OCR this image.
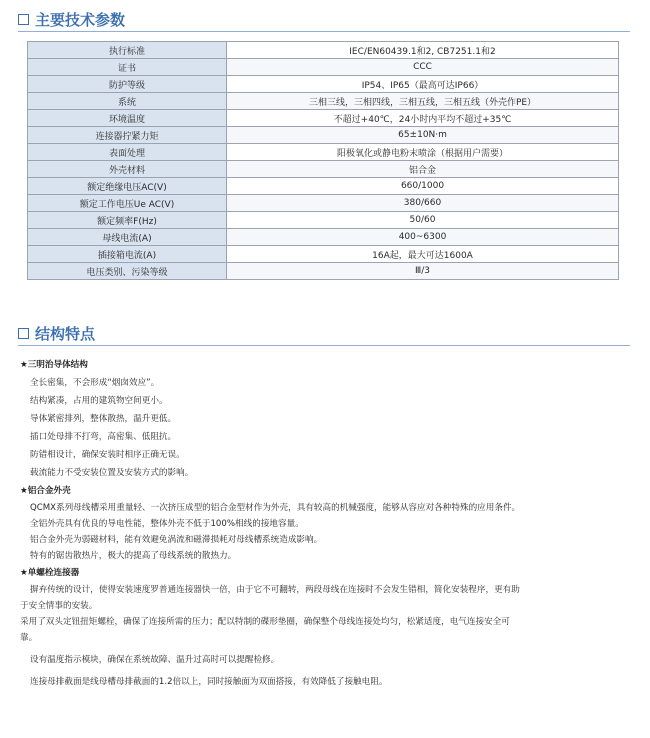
主要技术参数
执行标准	IEC/EN60439.1和2, CB7251.1和2
证书	CCC
防护等级	IP54、IP65（最高可达IP66）
系统	三相三线，三相四线，三相五线，三相五线（外壳作PE）
环境温度	不超过+40℃，24小时内平均不超过+35℃
连接器拧紧力矩	65±10N·m
表面处理	阳极氧化或静电粉末喷涂（根据用户需要）
外壳材料	铝合金
额定绝缘电压AC(V)	660/1000
额定工作电压Ue AC(V)	380/660
额定频率F(Hz)	50/60
母线电流(A)	400~6300
插接箱电流(A)	16A起，最大可达1600A
电压类别、污染等级	Ⅲ/3
结构特点
★三明治导体结构
全长密集，不会形成“烟囱效应”。
结构紧凑，占用的建筑物空间更小。
导体紧密排列，整体散热，温升更低。
插口处母排不打弯，高密集、低阻抗。
防错相设计，确保安装时相序正确无误。
载流能力不受安装位置及安装方式的影响。
★铝合金外壳
QCMX系列母线槽采用重量轻、一次挤压成型的铝合金型材作为外壳，具有较高的机械强度，能够从容应对各种特殊的应用条件。
全铝外壳具有优良的导电性能，整体外壳不低于100%相线的接地容量。
铝合金外壳为弱磁材料，能有效避免涡流和磁滞损耗对母线槽系统造成影响。
特有的锯齿散热片，极大的提高了母线系统的散热力。
★单螺栓连接器
摒弃传统的设计，使得安装速度罗普通连接器快一倍，由于它不可翻转，两段母线在连接时不会发生错相，简化安装程序，更有助
于安全情事的安装。
采用了双头定钮扭矩螺栓，确保了连接所需的压力；配以特制的碟形垫圈，确保整个母线连接处均匀，松紧适度，电气连接安全可
靠。
设有温度指示模块，确保在系统故障、温升过高时可以提醒检修。
连接母排截面是线母槽母排截面的1.2倍以上，同时接触面为双面搭接，有效降低了接触电阻。
